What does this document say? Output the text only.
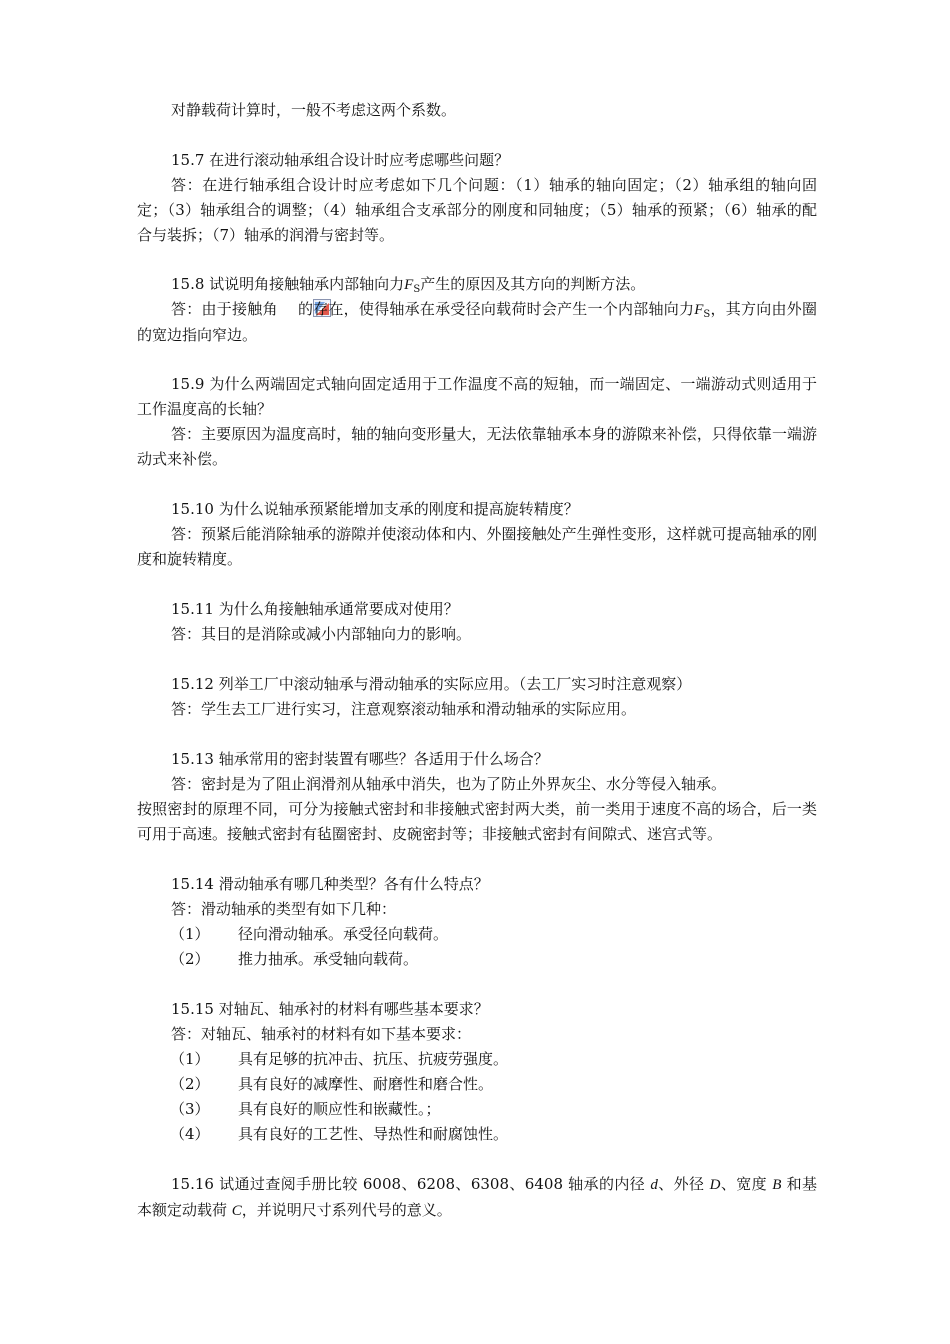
对静载荷计算时，一般不考虑这两个系数。

15.7 在进行滚动轴承组合设计时应考虑哪些问题？

答：在进行轴承组合设计时应考虑如下几个问题：（1）轴承的轴向固定；（2）轴承组的轴向固定；（3）轴承组合的调整；（4）轴承组合支承部分的刚度和同轴度；（5）轴承的预紧；（6）轴承的配合与装拆；（7）轴承的润滑与密封等。

15.8 试说明角接触轴承内部轴向力$F_S$产生的原因及其方向的判断方法。

答：由于接触角 的存在，使得轴承在承受径向载荷时会产生一个内部轴向力$F_S$，其方向由外圈的宽边指向窄边。

15.9 为什么两端固定式轴向固定适用于工作温度不高的短轴，而一端固定、一端游动式则适用于工作温度高的长轴？

答：主要原因为温度高时，轴的轴向变形量大，无法依靠轴承本身的游隙来补偿，只得依靠一端游动式来补偿。

15.10 为什么说轴承预紧能增加支承的刚度和提高旋转精度？

答：预紧后能消除轴承的游隙并使滚动体和内、外圈接触处产生弹性变形，这样就可提高轴承的刚度和旋转精度。

15.11 为什么角接触轴承通常要成对使用？

答：其目的是消除或减小内部轴向力的影响。

15.12 列举工厂中滚动轴承与滑动轴承的实际应用。（去工厂实习时注意观察）

答：学生去工厂进行实习，注意观察滚动轴承和滑动轴承的实际应用。

15.13 轴承常用的密封装置有哪些？各适用于什么场合？

答：密封是为了阻止润滑剂从轴承中消失，也为了防止外界灰尘、水分等侵入轴承。

按照密封的原理不同，可分为接触式密封和非接触式密封两大类，前一类用于速度不高的场合，后一类可用于高速。接触式密封有毡圈密封、皮碗密封等；非接触式密封有间隙式、迷宫式等。

15.14 滑动轴承有哪几种类型？各有什么特点？

答：滑动轴承的类型有如下几种：

（1） 径向滑动轴承。承受径向载荷。
（2） 推力抽承。承受轴向载荷。

15.15 对轴瓦、轴承衬的材料有哪些基本要求？

答：对轴瓦、轴承衬的材料有如下基本要求：

（1） 具有足够的抗冲击、抗压、抗疲劳强度。
（2） 具有良好的减摩性、耐磨性和磨合性。
（3） 具有良好的顺应性和嵌藏性。；
（4） 具有良好的工艺性、导热性和耐腐蚀性。

15.16 试通过查阅手册比较 6008、6208、6308、6408 轴承的内径 d、外径 D、宽度 B 和基本额定动载荷 C，并说明尺寸系列代号的意义。
